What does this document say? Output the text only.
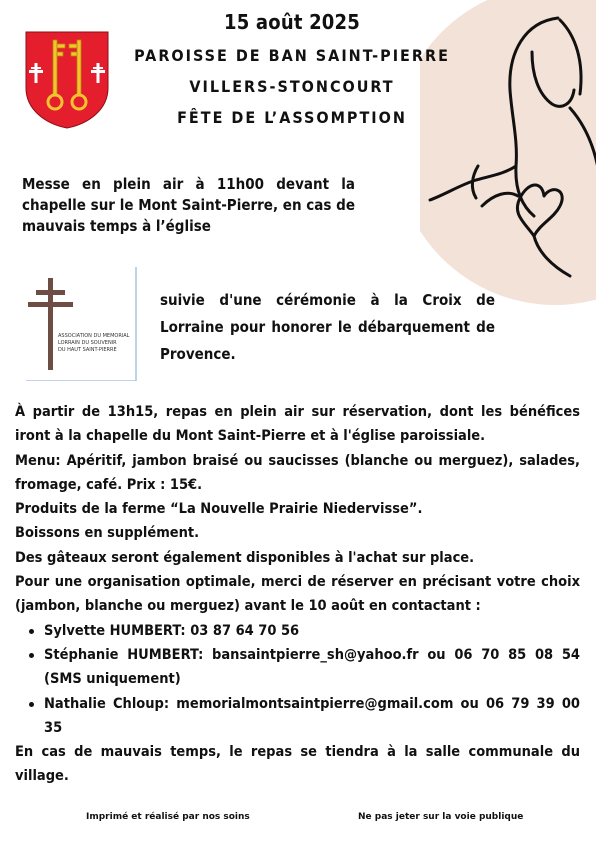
15 août 2025
PAROISSE DE BAN SAINT-PIERRE
VILLERS-STONCOURT
FÊTE DE L’ASSOMPTION
Messe en plein air à 11h00 devant la chapelle sur le Mont Saint-Pierre, en cas de mauvais temps à l’église
ASSOCIATION DU MEMORIAL
LORRAIN DU SOUVENIR
DU HAUT SAINT-PIERRE
suivie d'une cérémonie à la Croix de Lorraine pour honorer le débarquement de Provence.

À partir de 13h15, repas en plein air sur réservation, dont les bénéfices iront à la chapelle du Mont Saint-Pierre et à l'église paroissiale.

Menu: Apéritif, jambon braisé ou saucisses (blanche ou merguez), salades, fromage, café. Prix : 15€.

Produits de la ferme “La Nouvelle Prairie Niedervisse”.

Boissons en supplément.

Des gâteaux seront également disponibles à l'achat sur place.

Pour une organisation optimale, merci de réserver en précisant votre choix (jambon, blanche ou merguez) avant le 10 août en contactant :

Sylvette HUMBERT: 03 87 64 70 56
Stéphanie HUMBERT: bansaintpierre_sh@yahoo.fr ou 06 70 85 08 54 (SMS uniquement)
Nathalie Chloup: memorialmontsaintpierre@gmail.com ou 06 79 39 00 35

En cas de mauvais temps, le repas se tiendra à la salle communale du village.

Imprimé et réalisé par nos soins	Ne pas jeter sur la voie publique
